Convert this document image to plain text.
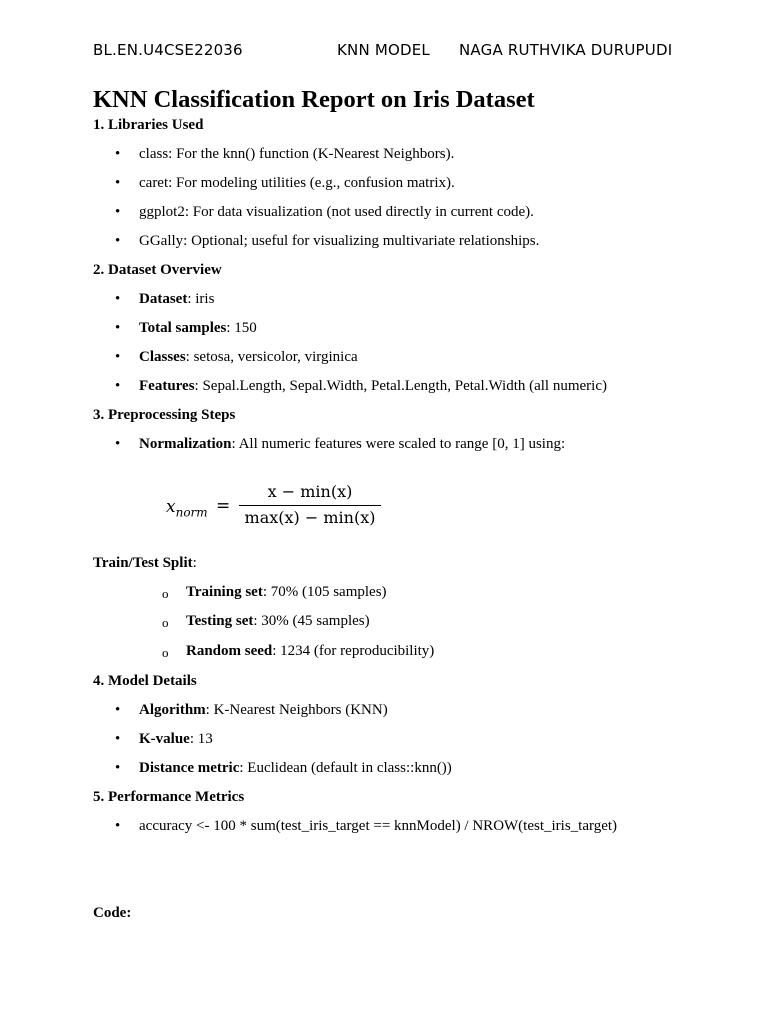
BL.EN.U4CSE22036	KNN MODEL NAGA RUTHVIKA DURUPUDI
KNN Classification Report on Iris Dataset
1. Libraries Used
• class: For the knn() function (K-Nearest Neighbors).
• caret: For modeling utilities (e.g., confusion matrix).
• ggplot2: For data visualization (not used directly in current code).
• GGally: Optional; useful for visualizing multivariate relationships.
2. Dataset Overview
• Dataset: iris
• Total samples: 150
• Classes: setosa, versicolor, virginica
• Features: Sepal.Length, Sepal.Width, Petal.Length, Petal.Width (all numeric)
3. Preprocessing Steps
• Normalization: All numeric features were scaled to range [0, 1] using:
$x_{norm}$ =
x − min(x)
max(x) − min(x)
Train/Test Split:
o Training set: 70% (105 samples)
o Testing set: 30% (45 samples)
o Random seed: 1234 (for reproducibility)
4. Model Details
• Algorithm: K-Nearest Neighbors (KNN)
• K-value: 13
• Distance metric: Euclidean (default in class::knn())
5. Performance Metrics
• accuracy <- 100 * sum(test_iris_target == knnModel) / NROW(test_iris_target)
Code:
